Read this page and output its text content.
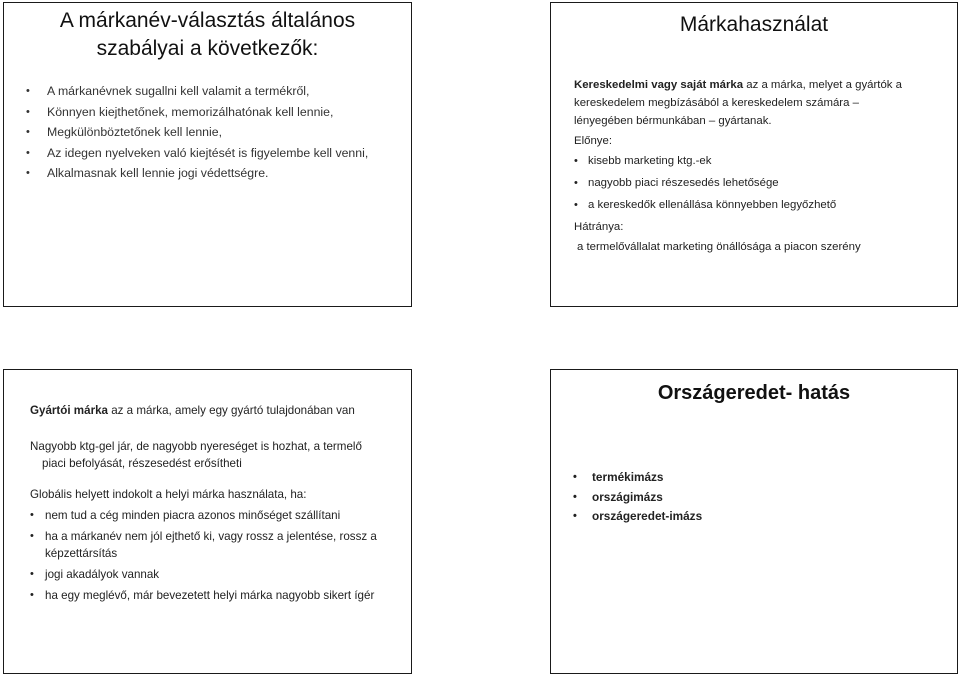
A márkanév-választás általános
szabályai a következők:
• A márkanévnek sugallni kell valamit a termékről,
• Könnyen kiejthetőnek, memorizálhatónak kell lennie,
• Megkülönböztetőnek kell lennie,
• Az idegen nyelveken való kiejtését is figyelembe kell venni,
• Alkalmasnak kell lennie jogi védettségre.
Márkahasználat
Kereskedelmi vagy saját márka az a márka, melyet a gyártók a
kereskedelem megbízásából a kereskedelem számára –
lényegében bérmunkában – gyártanak.
Előnye:
• kisebb marketing ktg.-ek
• nagyobb piaci részesedés lehetősége
• a kereskedők ellenállása könnyebben legyőzhető
Hátránya:
a termelővállalat marketing önállósága a piacon szerény
Gyártói márka az a márka, amely egy gyártó tulajdonában van
Nagyobb ktg-gel jár, de nagyobb nyereséget is hozhat, a termelő
piaci befolyását, részesedést erősítheti
Globális helyett indokolt a helyi márka használata, ha:
• nem tud a cég minden piacra azonos minőséget szállítani
• ha a márkanév nem jól ejthető ki, vagy rossz a jelentése, rossz a képzettársítás
• jogi akadályok vannak
• ha egy meglévő, már bevezetett helyi márka nagyobb sikert ígér
Országeredet- hatás
• termékimázs
• országimázs
• országeredet-imázs
